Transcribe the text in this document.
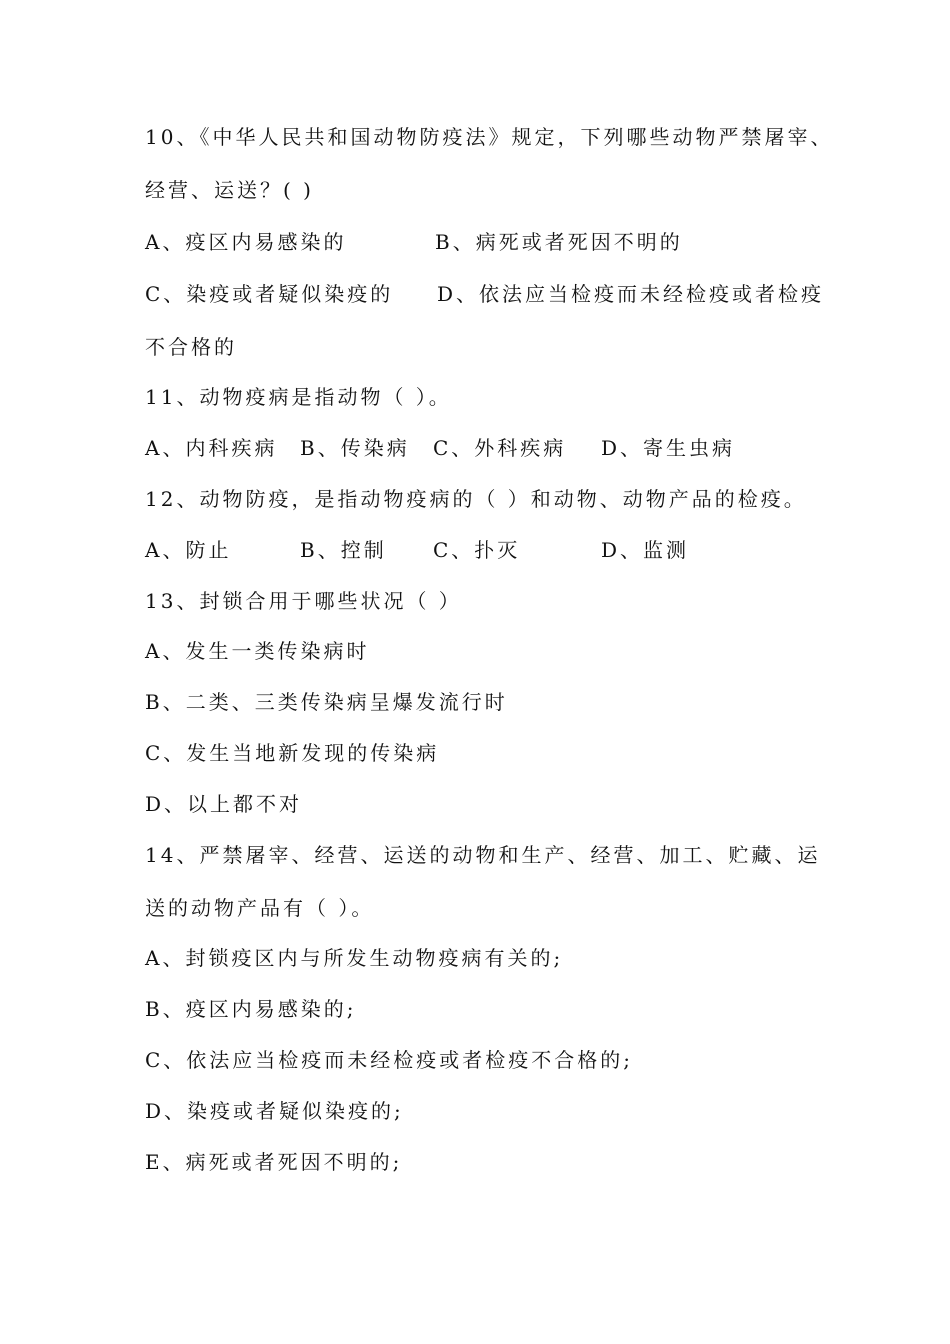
10、《中华人民共和国动物防疫法》规定，下列哪些动物严禁屠宰、
经营、运送？( )
A、疫区内易感染的	B、病死或者死因不明的
C、染疫或者疑似染疫的 D、依法应当检疫而未经检疫或者检疫
不合格的
11、动物疫病是指动物（ ）。
A、内科疾病 B、传染病 C、外科疾病 D、寄生虫病
12、动物防疫，是指动物疫病的（ ）和动物、动物产品的检疫。
A、防止	B、控制 C、扑灭	D、监测
13、封锁合用于哪些状况（ ）
A、发生一类传染病时
B、二类、三类传染病呈爆发流行时
C、发生当地新发现的传染病
D、以上都不对
14、严禁屠宰、经营、运送的动物和生产、经营、加工、贮藏、运
送的动物产品有（ ）。
A、封锁疫区内与所发生动物疫病有关的;
B、疫区内易感染的;
C、依法应当检疫而未经检疫或者检疫不合格的;
D、染疫或者疑似染疫的;
E、病死或者死因不明的;
